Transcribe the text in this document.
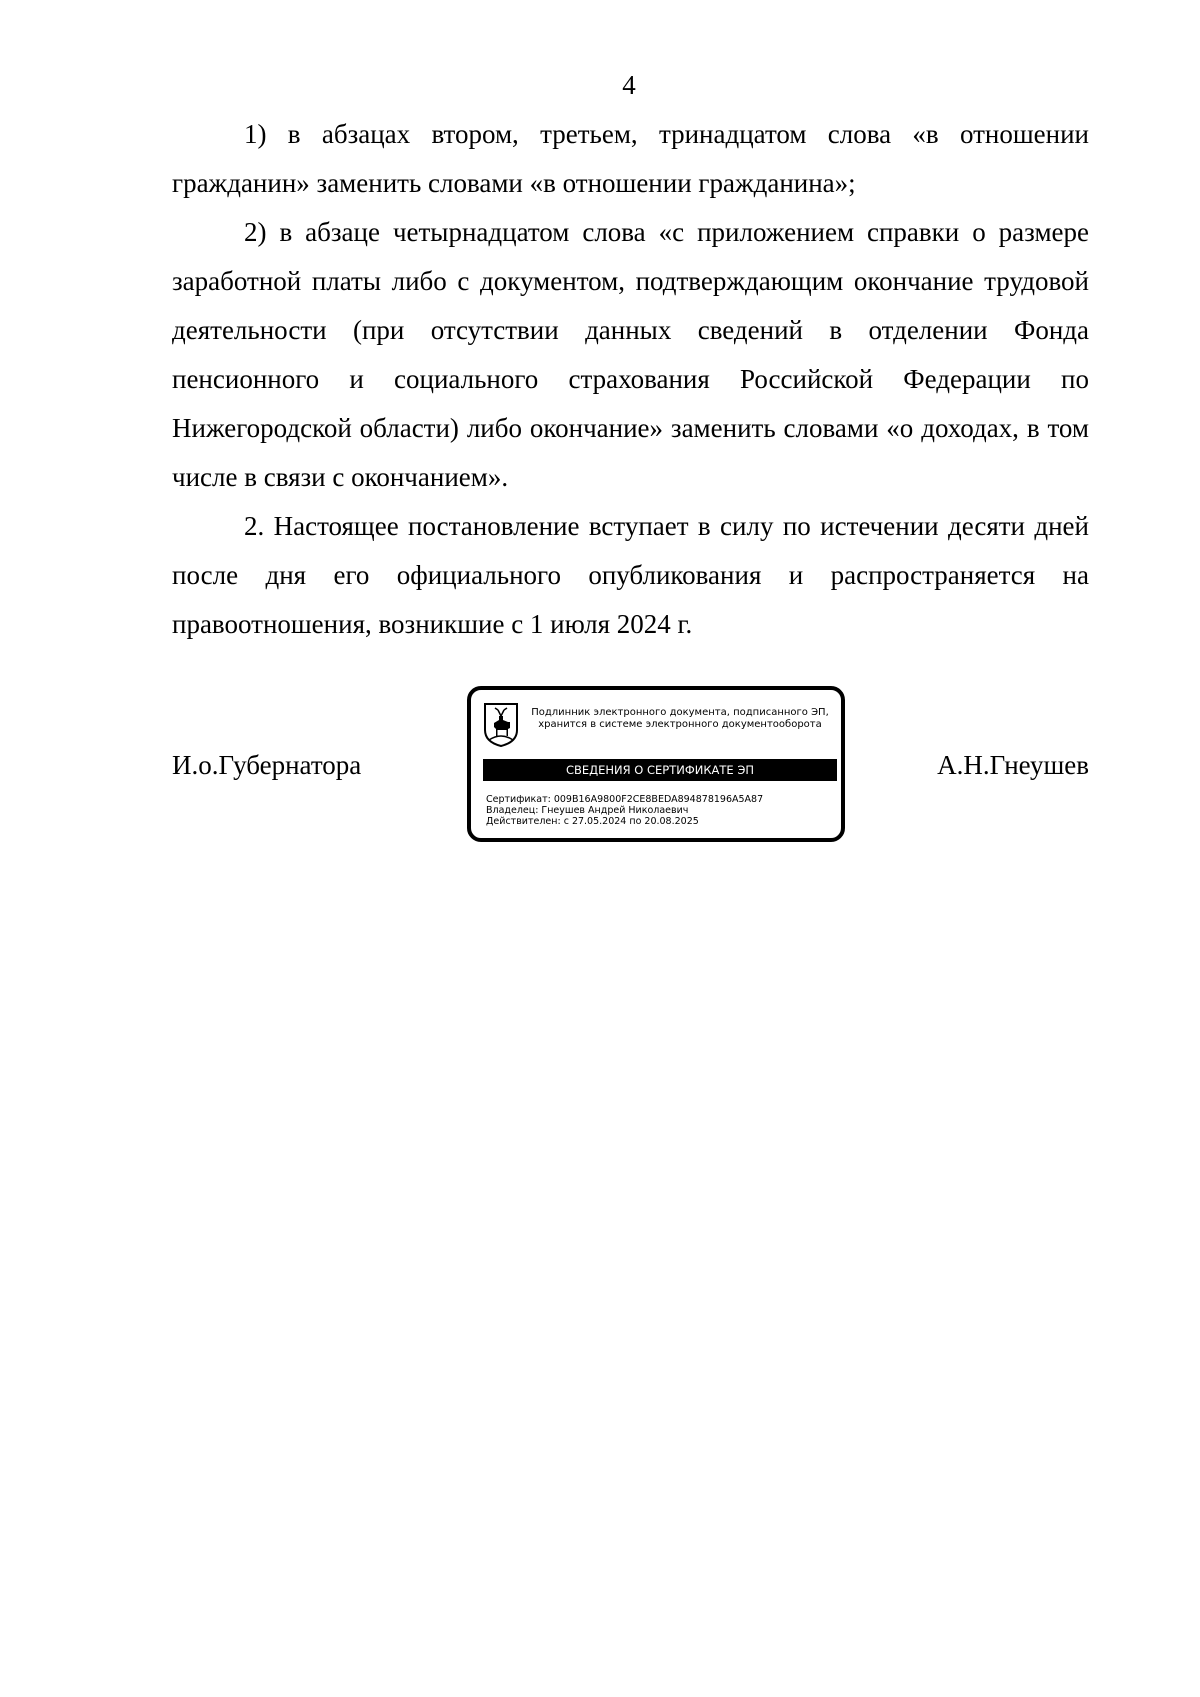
4

1) в абзацах втором, третьем, тринадцатом слова «в отношении гражданин» заменить словами «в отношении гражданина»;

2) в абзаце четырнадцатом слова «с приложением справки о размере заработной платы либо с документом, подтверждающим окончание трудовой деятельности (при отсутствии данных сведений в отделении Фонда пенсионного и социального страхования Российской Федерации по Нижегородской области) либо окончание» заменить словами «о доходах, в том числе в связи с окончанием».

2. Настоящее постановление вступает в силу по истечении десяти дней после дня его официального опубликования и распространяется на правоотношения, возникшие с 1 июля 2024 г.

И.о.Губернатора
Подлинник электронного документа, подписанного ЭП,
хранится в системе электронного документооборота
СВЕДЕНИЯ О СЕРТИФИКАТЕ ЭП
Сертификат: 009B16A9800F2CE8BEDA894878196A5A87
Владелец: Гнеушев Андрей Николаевич
Действителен: с 27.05.2024 по 20.08.2025
А.Н.Гнеушев
